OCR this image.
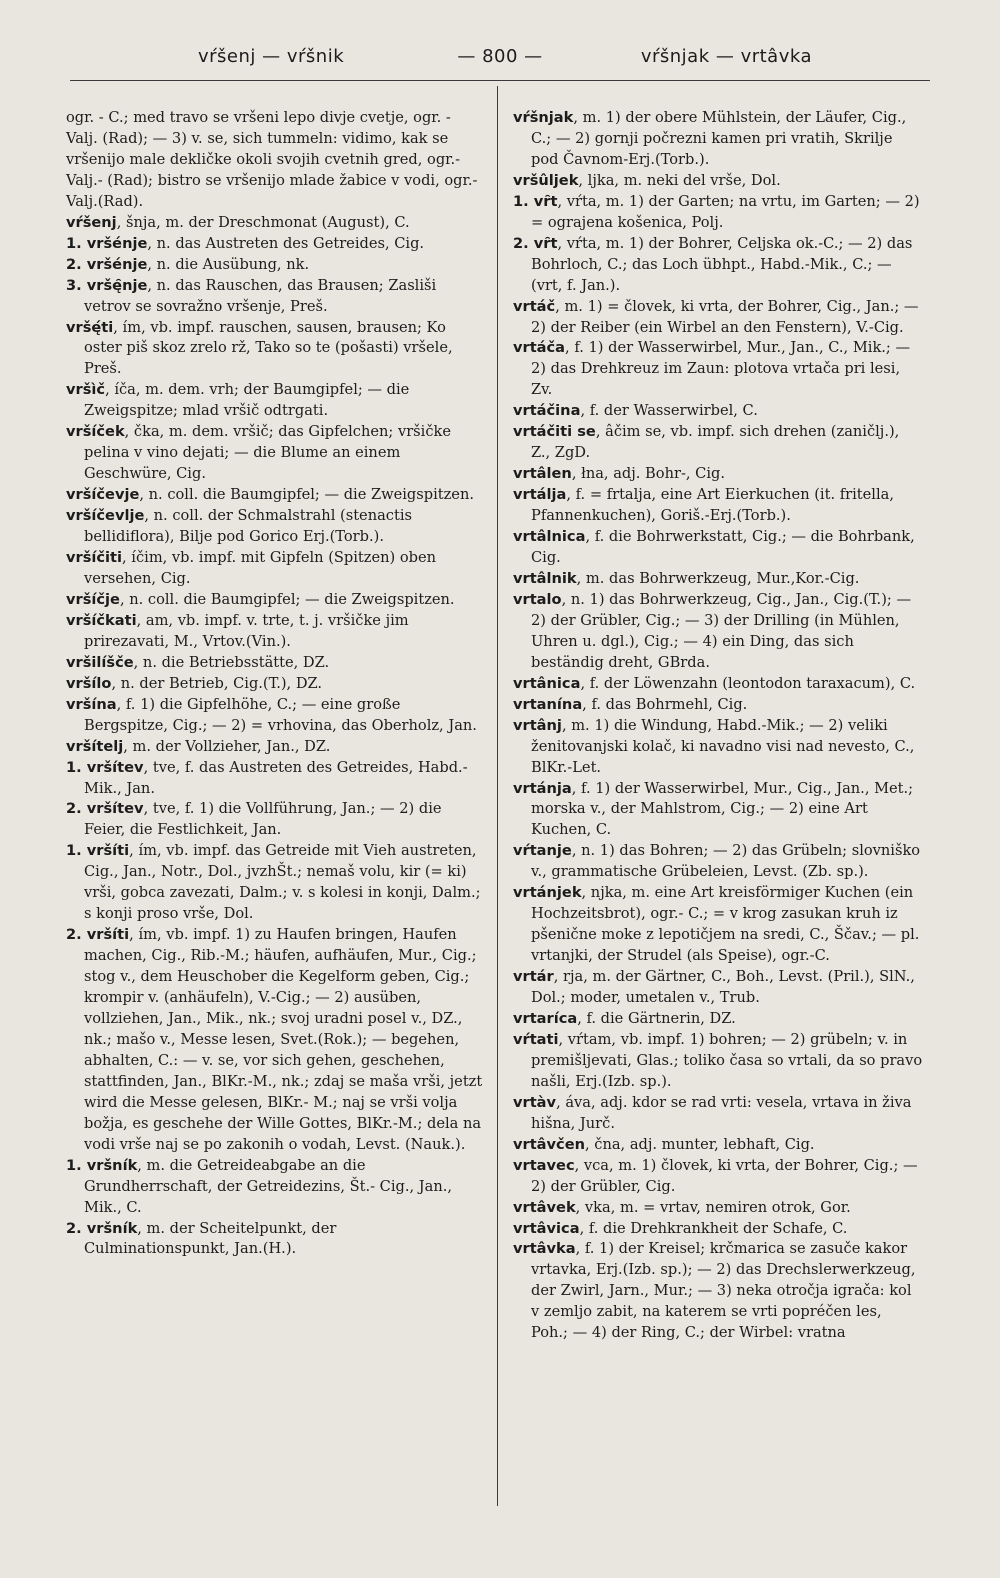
vŕšenj — vŕšnik	— 800 —	vŕšnjak — vrtâvka

ogr. - C.; med travo se vršeni lepo divje cvetje, ogr. - Valj. (Rad); — 3) v. se, sich tummeln: vidimo, kak se vršenijo male dekličke okoli svojih cvetnih gred, ogr.- Valj.- (Rad); bistro se vršenijo mlade žabice v vodi, ogr.- Valj.(Rad).

vŕšenj, šnja, m. der Dreschmonat (August), C.

1. vršénje, n. das Austreten des Getreides, Cig.

2. vršénje, n. die Ausübung, nk.

3. vršę̑nje, n. das Rauschen, das Brausen; Zasliši vetrov se sovražno vršenje, Preš.

vršę́ti, ím, vb. impf. rauschen, sausen, brausen; Ko oster piš skoz zrelo rž, Tako so te (pošasti) vršele, Preš.

vršìč, íča, m. dem. vrh; der Baumgipfel; — die Zweigspitze; mlad vršič odtrgati.

vršíček, čka, m. dem. vršič; das Gipfelchen; vršičke pelina v vino dejati; — die Blume an einem Geschwüre, Cig.

vršíčevje, n. coll. die Baumgipfel; — die Zweigspitzen.

vršíčevlje, n. coll. der Schmalstrahl (stenactis bellidiflora), Bilje pod Gorico Erj.(Torb.).

vršíčiti, íčim, vb. impf. mit Gipfeln (Spitzen) oben versehen, Cig.

vršíčje, n. coll. die Baumgipfel; — die Zweigspitzen.

vršíčkati, am, vb. impf. v. trte, t. j. vršičke jim prirezavati, M., Vrtov.(Vin.).

vršilíšče, n. die Betriebsstätte, DZ.

vršílo, n. der Betrieb, Cig.(T.), DZ.

vršína, f. 1) die Gipfelhöhe, C.; — eine große Bergspitze, Cig.; — 2) = vrhovina, das Oberholz, Jan.

vršítelj, m. der Vollzieher, Jan., DZ.

1. vršítev, tve, f. das Austreten des Getreides, Habd.-Mik., Jan.

2. vršítev, tve, f. 1) die Vollführung, Jan.; — 2) die Feier, die Festlichkeit, Jan.

1. vršíti, ím, vb. impf. das Getreide mit Vieh austreten, Cig., Jan., Notr., Dol., jvzhŠt.; nemaš volu, kir (= ki) vrši, gobca zavezati, Dalm.; v. s kolesi in konji, Dalm.; s konji proso vrše, Dol.

2. vršíti, ím, vb. impf. 1) zu Haufen bringen, Haufen machen, Cig., Rib.-M.; häufen, aufhäufen, Mur., Cig.; stog v., dem Heuschober die Kegelform geben, Cig.; krompir v. (anhäufeln), V.-Cig.; — 2) ausüben, vollziehen, Jan., Mik., nk.; svoj uradni posel v., DZ., nk.; mašo v., Messe lesen, Svet.(Rok.); — begehen, abhalten, C.: — v. se, vor sich gehen, geschehen, stattfinden, Jan., BlKr.-M., nk.; zdaj se maša vrši, jetzt wird die Messe gelesen, BlKr.- M.; naj se vrši volja božja, es geschehe der Wille Gottes, BlKr.-M.; dela na vodi vrše naj se po zakonih o vodah, Levst. (Nauk.).

1. vršník, m. die Getreideabgabe an die Grundherrschaft, der Getreidezins, Št.- Cig., Jan., Mik., C.

2. vršník, m. der Scheitelpunkt, der Culminationspunkt, Jan.(H.).

vŕšnjak, m. 1) der obere Mühlstein, der Läufer, Cig., C.; — 2) gornji počrezni kamen pri vratih, Skrilje pod Čavnom-Erj.(Torb.).

vršûljek, ljka, m. neki del vrše, Dol.

1. vȓt, vŕta, m. 1) der Garten; na vrtu, im Garten; — 2) = ograjena košenica, Polj.

2. vȓt, vŕta, m. 1) der Bohrer, Celjska ok.-C.; — 2) das Bohrloch, C.; das Loch übhpt., Habd.-Mik., C.; — (vrt, f. Jan.).

vrtáč, m. 1) = človek, ki vrta, der Bohrer, Cig., Jan.; — 2) der Reiber (ein Wirbel an den Fenstern), V.-Cig.

vrtáča, f. 1) der Wasserwirbel, Mur., Jan., C., Mik.; — 2) das Drehkreuz im Zaun: plotova vrtača pri lesi, Zv.

vrtáčina, f. der Wasserwirbel, C.

vrtáčiti se, âčim se, vb. impf. sich drehen (zaničlj.), Z., ZgD.

vrtâlen, łna, adj. Bohr-, Cig.

vrtálja, f. = frtalja, eine Art Eierkuchen (it. fritella, Pfannenkuchen), Goriš.-Erj.(Torb.).

vrtâlnica, f. die Bohrwerkstatt, Cig.; — die Bohrbank, Cig.

vrtâlnik, m. das Bohrwerkzeug, Mur.,Kor.-Cig.

vrtalo, n. 1) das Bohrwerkzeug, Cig., Jan., Cig.(T.); — 2) der Grübler, Cig.; — 3) der Drilling (in Mühlen, Uhren u. dgl.), Cig.; — 4) ein Ding, das sich beständig dreht, GBrda.

vrtânica, f. der Löwenzahn (leontodon taraxacum), C.

vrtanína, f. das Bohrmehl, Cig.

vrtânj, m. 1) die Windung, Habd.-Mik.; — 2) veliki ženitovanjski kolač, ki navadno visi nad nevesto, C., BlKr.-Let.

vrtánja, f. 1) der Wasserwirbel, Mur., Cig., Jan., Met.; morska v., der Mahlstrom, Cig.; — 2) eine Art Kuchen, C.

vŕtanje, n. 1) das Bohren; — 2) das Grübeln; slovniško v., grammatische Grübeleien, Levst. (Zb. sp.).

vrtánjek, njka, m. eine Art kreisförmiger Kuchen (ein Hochzeitsbrot), ogr.- C.; = v krog zasukan kruh iz pšenične moke z lepotičjem na sredi, C., Ščav.; — pl. vrtanjki, der Strudel (als Speise), ogr.-C.

vrtár, rja, m. der Gärtner, C., Boh., Levst. (Pril.), SlN., Dol.; moder, umetalen v., Trub.

vrtaríca, f. die Gärtnerin, DZ.

vŕtati, vŕtam, vb. impf. 1) bohren; — 2) grübeln; v. in premišljevati, Glas.; toliko časa so vrtali, da so pravo našli, Erj.(Izb. sp.).

vrtàv, áva, adj. kdor se rad vrti: vesela, vrtava in živa hišna, Jurč.

vrtâvčen, čna, adj. munter, lebhaft, Cig.

vrtavec, vca, m. 1) človek, ki vrta, der Bohrer, Cig.; — 2) der Grübler, Cig.

vrtâvek, vka, m. = vrtav, nemiren otrok, Gor.

vrtâvica, f. die Drehkrankheit der Schafe, C.

vrtâvka, f. 1) der Kreisel; krčmarica se zasuče kakor vrtavka, Erj.(Izb. sp.); — 2) das Drechslerwerkzeug, der Zwirl, Jarn., Mur.; — 3) neka otročja igrača: kol v zemljo zabit, na katerem se vrti popréčen les, Poh.; — 4) der Ring, C.; der Wirbel: vratna
